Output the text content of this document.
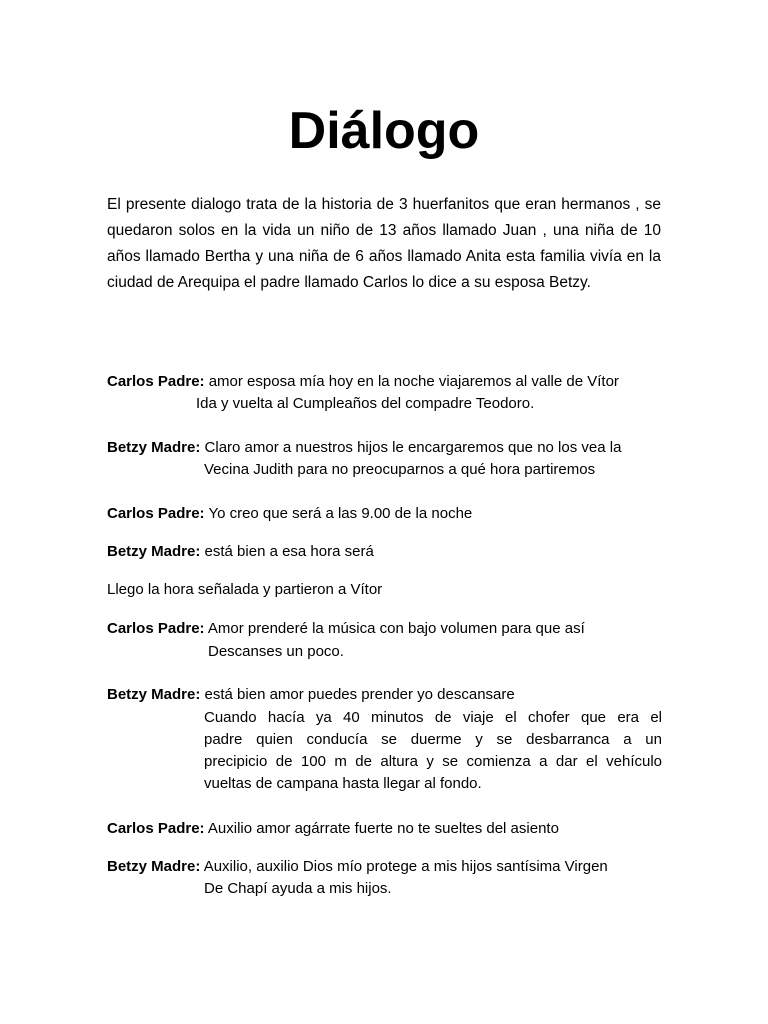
Diálogo

El presente dialogo trata de la historia de 3 huerfanitos que eran hermanos , se quedaron solos en la vida un niño de 13 años llamado Juan , una niña de 10 años llamado Bertha y una niña de 6 años llamado Anita esta familia vivía en la ciudad de Arequipa el padre llamado Carlos lo dice a su esposa Betzy.

Carlos Padre: amor esposa mía hoy en la noche viajaremos al valle de Vítor

Ida y vuelta al Cumpleaños del compadre Teodoro.

Betzy Madre: Claro amor a nuestros hijos le encargaremos que no los vea la

Vecina Judith para no preocuparnos a qué hora partiremos

Carlos Padre: Yo creo que será a las 9.00 de la noche

Betzy Madre: está bien a esa hora será

Llego la hora señalada y partieron a Vítor

Carlos Padre: Amor prenderé la música con bajo volumen para que así

Descanses un poco.

Betzy Madre: está bien amor puedes prender yo descansare

Cuando hacía ya 40 minutos de viaje el chofer que era el

padre quien conducía se duerme y se desbarranca a un

precipicio de 100 m de altura y se comienza a dar el vehículo

vueltas de campana hasta llegar al fondo.

Carlos Padre: Auxilio amor agárrate fuerte no te sueltes del asiento

Betzy Madre: Auxilio, auxilio Dios mío protege a mis hijos santísima Virgen

De Chapí ayuda a mis hijos.
